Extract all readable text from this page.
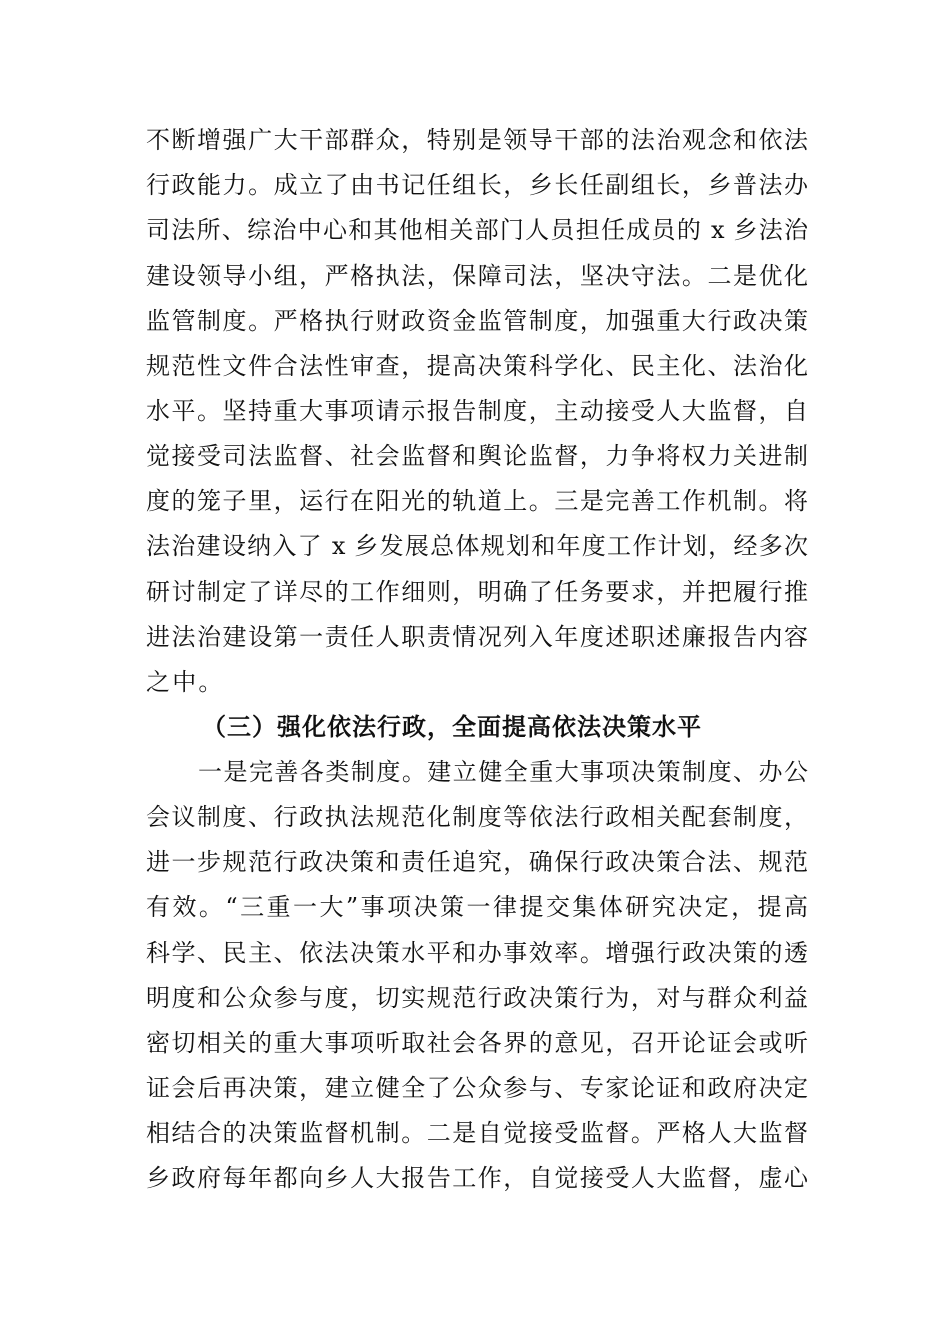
不断增强广大干部群众，特别是领导干部的法治观念和依法
行政能力。成立了由书记任组长，乡长任副组长，乡普法办
司法所、综治中心和其他相关部门人员担任成员的 x 乡法治
建设领导小组，严格执法，保障司法，坚决守法。二是优化
监管制度。严格执行财政资金监管制度，加强重大行政决策
规范性文件合法性审查，提高决策科学化、民主化、法治化
水平。坚持重大事项请示报告制度，主动接受人大监督，自
觉接受司法监督、社会监督和舆论监督，力争将权力关进制
度的笼子里，运行在阳光的轨道上。三是完善工作机制。将
法治建设纳入了 x 乡发展总体规划和年度工作计划，经多次
研讨制定了详尽的工作细则，明确了任务要求，并把履行推
进法治建设第一责任人职责情况列入年度述职述廉报告内容
之中。
（三）强化依法行政，全面提高依法决策水平
一是完善各类制度。建立健全重大事项决策制度、办公
会议制度、行政执法规范化制度等依法行政相关配套制度，
进一步规范行政决策和责任追究，确保行政决策合法、规范
有效。“三重一大”事项决策一律提交集体研究决定，提高
科学、民主、依法决策水平和办事效率。增强行政决策的透
明度和公众参与度，切实规范行政决策行为，对与群众利益
密切相关的重大事项听取社会各界的意见，召开论证会或听
证会后再决策，建立健全了公众参与、专家论证和政府决定
相结合的决策监督机制。二是自觉接受监督。严格人大监督
乡政府每年都向乡人大报告工作，自觉接受人大监督，虚心
